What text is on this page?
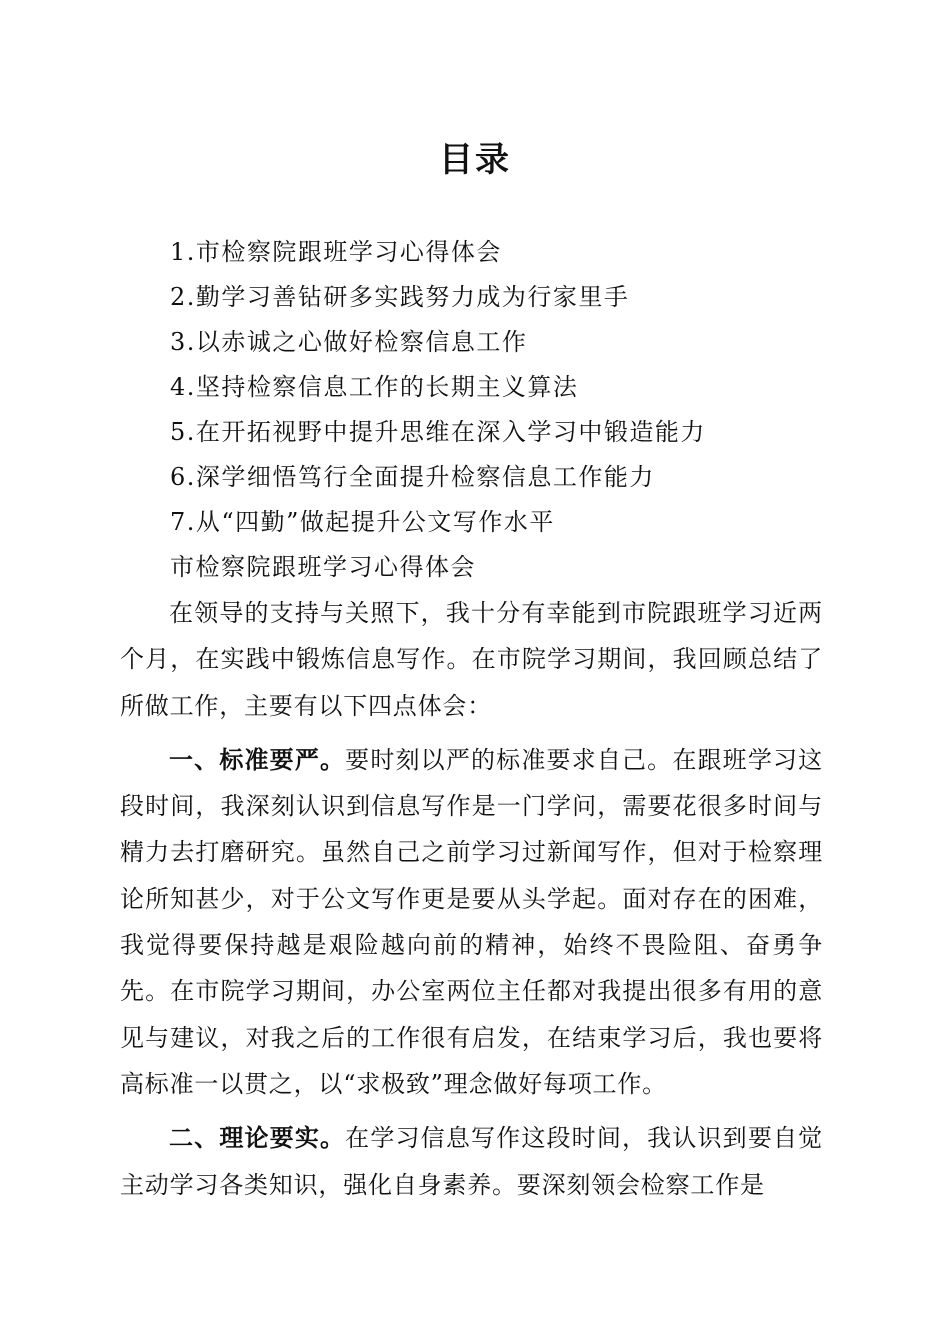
目录
1.市检察院跟班学习心得体会
2.勤学习善钻研多实践努力成为行家里手
3.以赤诚之心做好检察信息工作
4.坚持检察信息工作的长期主义算法
5.在开拓视野中提升思维在深入学习中锻造能力
6.深学细悟笃行全面提升检察信息工作能力
7.从“四勤”做起提升公文写作水平
市检察院跟班学习心得体会

在领导的支持与关照下，我十分有幸能到市院跟班学习近两个月，在实践中锻炼信息写作。在市院学习期间，我回顾总结了所做工作，主要有以下四点体会：

一、标准要严。要时刻以严的标准要求自己。在跟班学习这段时间，我深刻认识到信息写作是一门学问，需要花很多时间与精力去打磨研究。虽然自己之前学习过新闻写作，但对于检察理论所知甚少，对于公文写作更是要从头学起。面对存在的困难，我觉得要保持越是艰险越向前的精神，始终不畏险阻、奋勇争先。在市院学习期间，办公室两位主任都对我提出很多有用的意见与建议，对我之后的工作很有启发，在结束学习后，我也要将高标准一以贯之，以“求极致”理念做好每项工作。

二、理论要实。在学习信息写作这段时间，我认识到要自觉主动学习各类知识，强化自身素养。要深刻领会检察工作是
